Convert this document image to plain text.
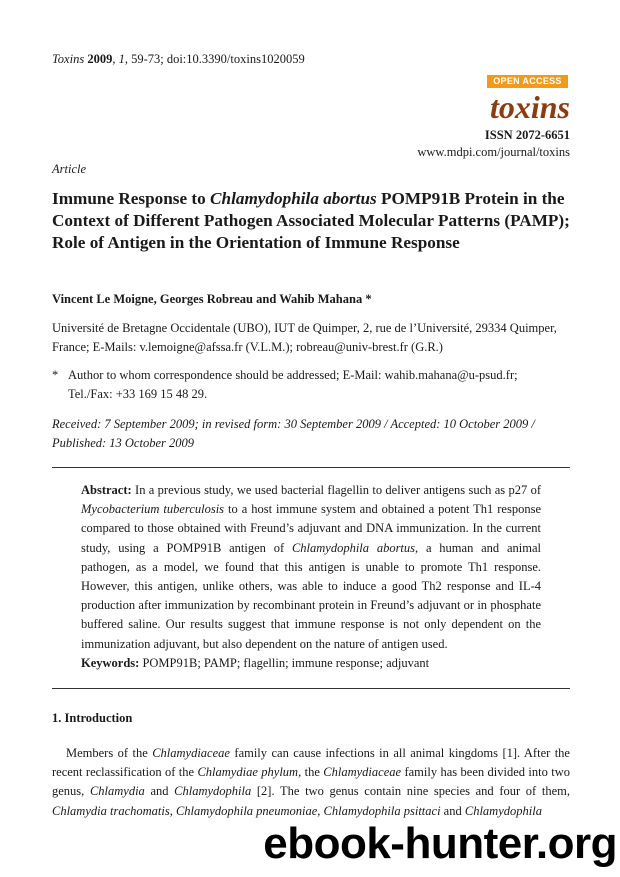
Toxins 2009, 1, 59-73; doi:10.3390/toxins1020059
OPEN ACCESS
toxins
ISSN 2072-6651
www.mdpi.com/journal/toxins
Article
Immune Response to Chlamydophila abortus POMP91B Protein in the Context of Different Pathogen Associated Molecular Patterns (PAMP); Role of Antigen in the Orientation of Immune Response
Vincent Le Moigne, Georges Robreau and Wahib Mahana *
Université de Bretagne Occidentale (UBO), IUT de Quimper, 2, rue de l’Université, 29334 Quimper, France; E-Mails: v.lemoigne@afssa.fr (V.L.M.); robreau@univ-brest.fr (G.R.)
* Author to whom correspondence should be addressed; E-Mail: wahib.mahana@u-psud.fr;
Tel./Fax: +33 169 15 48 29.
Received: 7 September 2009; in revised form: 30 September 2009 / Accepted: 10 October 2009 / Published: 13 October 2009
Abstract: In a previous study, we used bacterial flagellin to deliver antigens such as p27 of Mycobacterium tuberculosis to a host immune system and obtained a potent Th1 response compared to those obtained with Freund’s adjuvant and DNA immunization. In the current study, using a POMP91B antigen of Chlamydophila abortus, a human and animal pathogen, as a model, we found that this antigen is unable to promote Th1 response. However, this antigen, unlike others, was able to induce a good Th2 response and IL-4 production after immunization by recombinant protein in Freund’s adjuvant or in phosphate buffered saline. Our results suggest that immune response is not only dependent on the immunization adjuvant, but also dependent on the nature of antigen used.
Keywords: POMP91B; PAMP; flagellin; immune response; adjuvant
1. Introduction
Members of the Chlamydiaceae family can cause infections in all animal kingdoms [1]. After the recent reclassification of the Chlamydiae phylum, the Chlamydiaceae family has been divided into two genus, Chlamydia and Chlamydophila [2]. The two genus contain nine species and four of them, Chlamydia trachomatis, Chlamydophila pneumoniae, Chlamydophila psittaci and Chlamydophila
ebook-hunter.org
